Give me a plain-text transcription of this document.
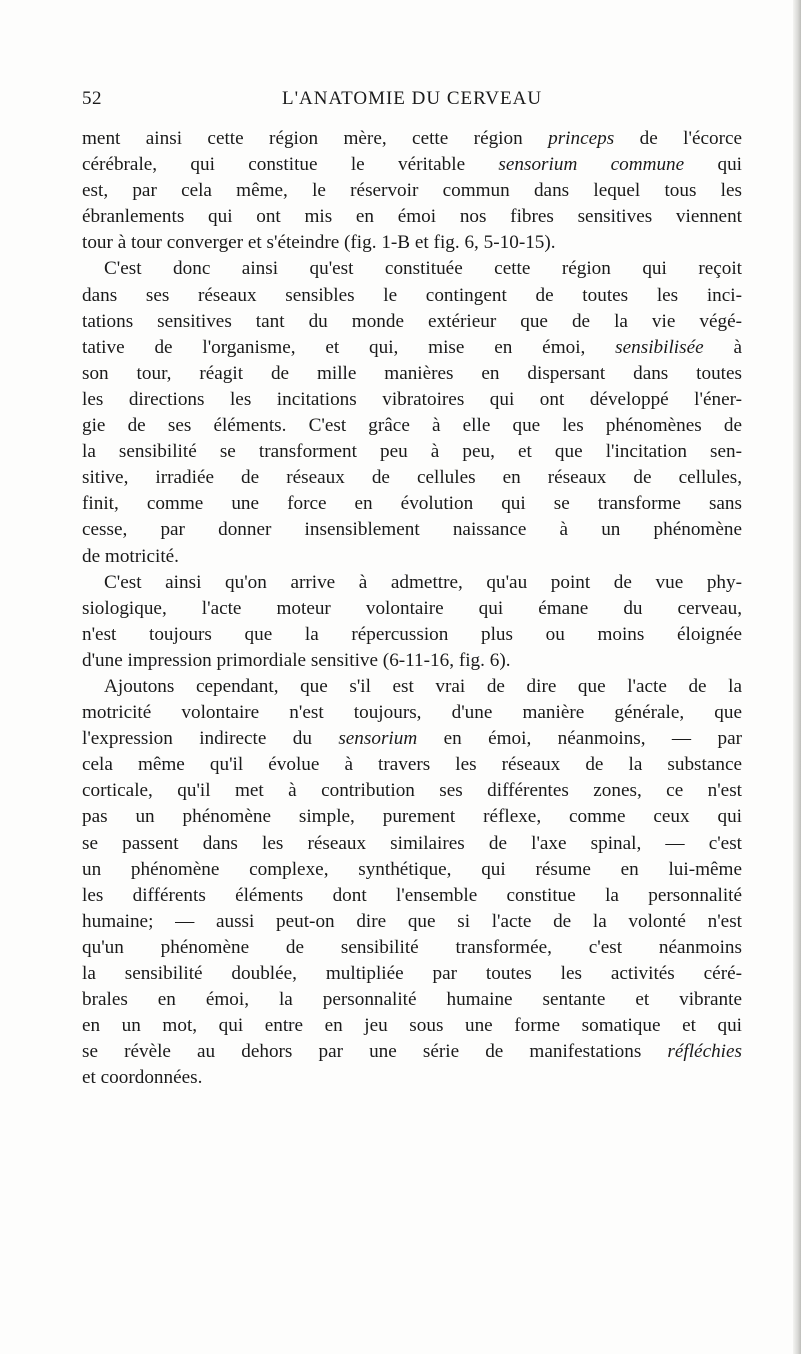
52	L'ANATOMIE DU CERVEAU
ment ainsi cette région mère, cette région princeps de l'écorce
cérébrale, qui constitue le véritable sensorium commune qui
est, par cela même, le réservoir commun dans lequel tous les
ébranlements qui ont mis en émoi nos fibres sensitives viennent
tour à tour converger et s'éteindre (fig. 1-B et fig. 6, 5-10-15).
C'est donc ainsi qu'est constituée cette région qui reçoit
dans ses réseaux sensibles le contingent de toutes les inci-
tations sensitives tant du monde extérieur que de la vie végé-
tative de l'organisme, et qui, mise en émoi, sensibilisée à
son tour, réagit de mille manières en dispersant dans toutes
les directions les incitations vibratoires qui ont développé l'éner-
gie de ses éléments. C'est grâce à elle que les phénomènes de
la sensibilité se transforment peu à peu, et que l'incitation sen-
sitive, irradiée de réseaux de cellules en réseaux de cellules,
finit, comme une force en évolution qui se transforme sans
cesse, par donner insensiblement naissance à un phénomène
de motricité.
C'est ainsi qu'on arrive à admettre, qu'au point de vue phy-
siologique, l'acte moteur volontaire qui émane du cerveau,
n'est toujours que la répercussion plus ou moins éloignée
d'une impression primordiale sensitive (6-11-16, fig. 6).
Ajoutons cependant, que s'il est vrai de dire que l'acte de la
motricité volontaire n'est toujours, d'une manière générale, que
l'expression indirecte du sensorium en émoi, néanmoins, — par
cela même qu'il évolue à travers les réseaux de la substance
corticale, qu'il met à contribution ses différentes zones, ce n'est
pas un phénomène simple, purement réflexe, comme ceux qui
se passent dans les réseaux similaires de l'axe spinal, — c'est
un phénomène complexe, synthétique, qui résume en lui-même
les différents éléments dont l'ensemble constitue la personnalité
humaine; — aussi peut-on dire que si l'acte de la volonté n'est
qu'un phénomène de sensibilité transformée, c'est néanmoins
la sensibilité doublée, multipliée par toutes les activités céré-
brales en émoi, la personnalité humaine sentante et vibrante
en un mot, qui entre en jeu sous une forme somatique et qui
se révèle au dehors par une série de manifestations réfléchies
et coordonnées.
